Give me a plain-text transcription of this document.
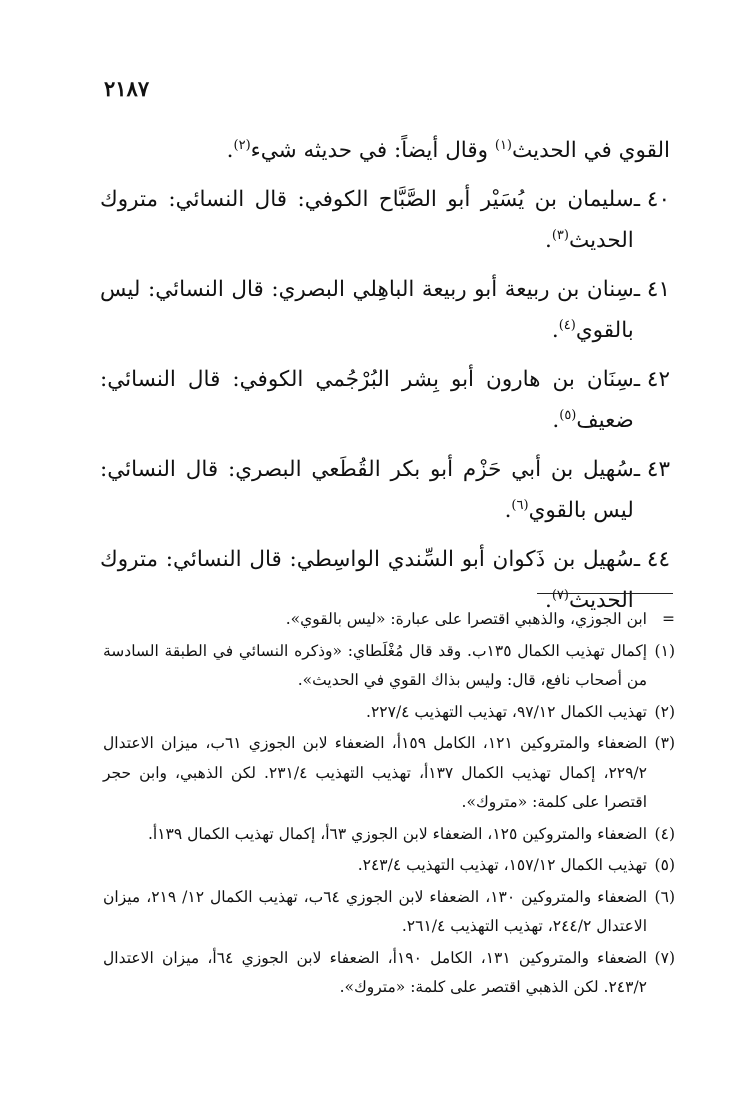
٢١٨٧

القوي في الحديث$^{(١)}$ وقال أيضاً: في حديثه شيء$^{(٢)}$.

٤٠ ـ
سليمان بن يُسَيْر أبو الصَّبَّاح الكوفي: قال النسائي: متروك الحديث$^{(٣)}$.
٤١ ـ
سِنان بن ربيعة أبو ربيعة الباهِلي البصري: قال النسائي: ليس بالقوي$^{(٤)}$.
٤٢ ـ
سِنَان بن هارون أبو بِشر البُرْجُمي الكوفي: قال النسائي: ضعيف$^{(٥)}$.
٤٣ ـ
سُهيل بن أبي حَزْم أبو بكر القُطَعي البصري: قال النسائي: ليس بالقوي$^{(٦)}$.
٤٤ ـ
سُهيل بن ذَكوان أبو السِّندي الواسِطي: قال النسائي: متروك الحديث$^{(٧)}$.
=
ابن الجوزي، والذهبي اقتصرا على عبارة: «ليس بالقوي».
(١)
إكمال تهذيب الكمال ١٣٥ب. وقد قال مُغْلَطاي: «وذكره النسائي في الطبقة السادسة من أصحاب نافع، قال: وليس بذاك القوي في الحديث».
(٢)
تهذيب الكمال ٩٧/١٢، تهذيب التهذيب ٢٢٧/٤.
(٣)
الضعفاء والمتروكين ١٢١، الكامل ١٥٩أ، الضعفاء لابن الجوزي ٦١ب، ميزان الاعتدال ٢٢٩/٢، إكمال تهذيب الكمال ١٣٧أ، تهذيب التهذيب ٢٣١/٤. لكن الذهبي، وابن حجر اقتصرا على كلمة: «متروك».
(٤)
الضعفاء والمتروكين ١٢٥، الضعفاء لابن الجوزي ٦٣أ، إكمال تهذيب الكمال ١٣٩أ.
(٥)
تهذيب الكمال ١٥٧/١٢، تهذيب التهذيب ٢٤٣/٤.
(٦)
الضعفاء والمتروكين ١٣٠، الضعفاء لابن الجوزي ٦٤ب، تهذيب الكمال ١٢/ ٢١٩، ميزان الاعتدال ٢٤٤/٢، تهذيب التهذيب ٢٦١/٤.
(٧)
الضعفاء والمتروكين ١٣١، الكامل ١٩٠أ، الضعفاء لابن الجوزي ٦٤أ، ميزان الاعتدال ٢٤٣/٢. لكن الذهبي اقتصر على كلمة: «متروك».
